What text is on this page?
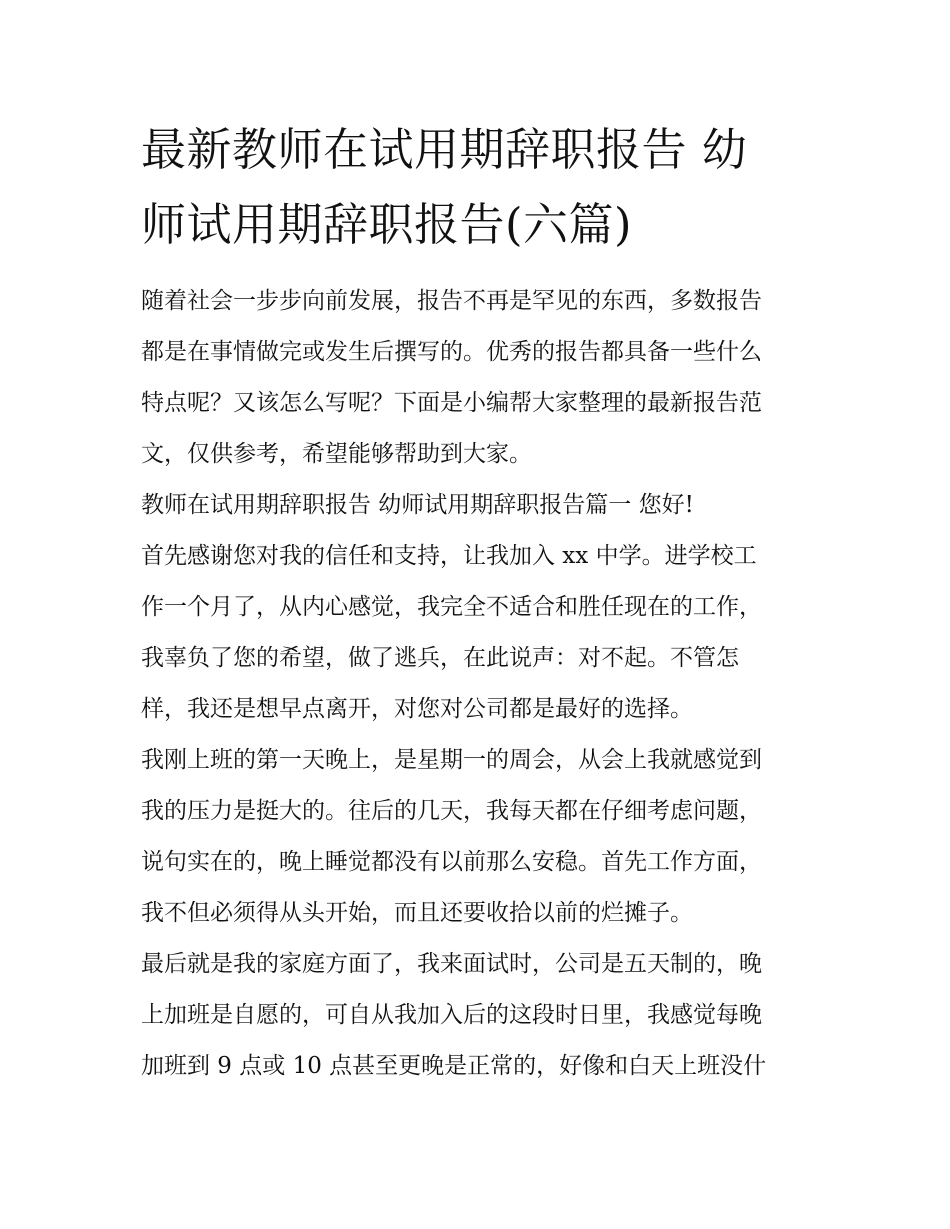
最新教师在试用期辞职报告 幼
师试用期辞职报告(六篇)

随着社会一步步向前发展，报告不再是罕见的东西，多数报告
都是在事情做完或发生后撰写的。优秀的报告都具备一些什么
特点呢？又该怎么写呢？下面是小编帮大家整理的最新报告范
文，仅供参考，希望能够帮助到大家。

教师在试用期辞职报告 幼师试用期辞职报告篇一 您好!

首先感谢您对我的信任和支持，让我加入 xx 中学。进学校工
作一个月了，从内心感觉，我完全不适合和胜任现在的工作，
我辜负了您的希望，做了逃兵，在此说声：对不起。不管怎
样，我还是想早点离开，对您对公司都是最好的选择。

我刚上班的第一天晚上，是星期一的周会，从会上我就感觉到
我的压力是挺大的。往后的几天，我每天都在仔细考虑问题，
说句实在的，晚上睡觉都没有以前那么安稳。首先工作方面，
我不但必须得从头开始，而且还要收拾以前的烂摊子。

最后就是我的家庭方面了，我来面试时，公司是五天制的，晚
上加班是自愿的，可自从我加入后的这段时日里，我感觉每晚
加班到 9 点或 10 点甚至更晚是正常的，好像和白天上班没什
